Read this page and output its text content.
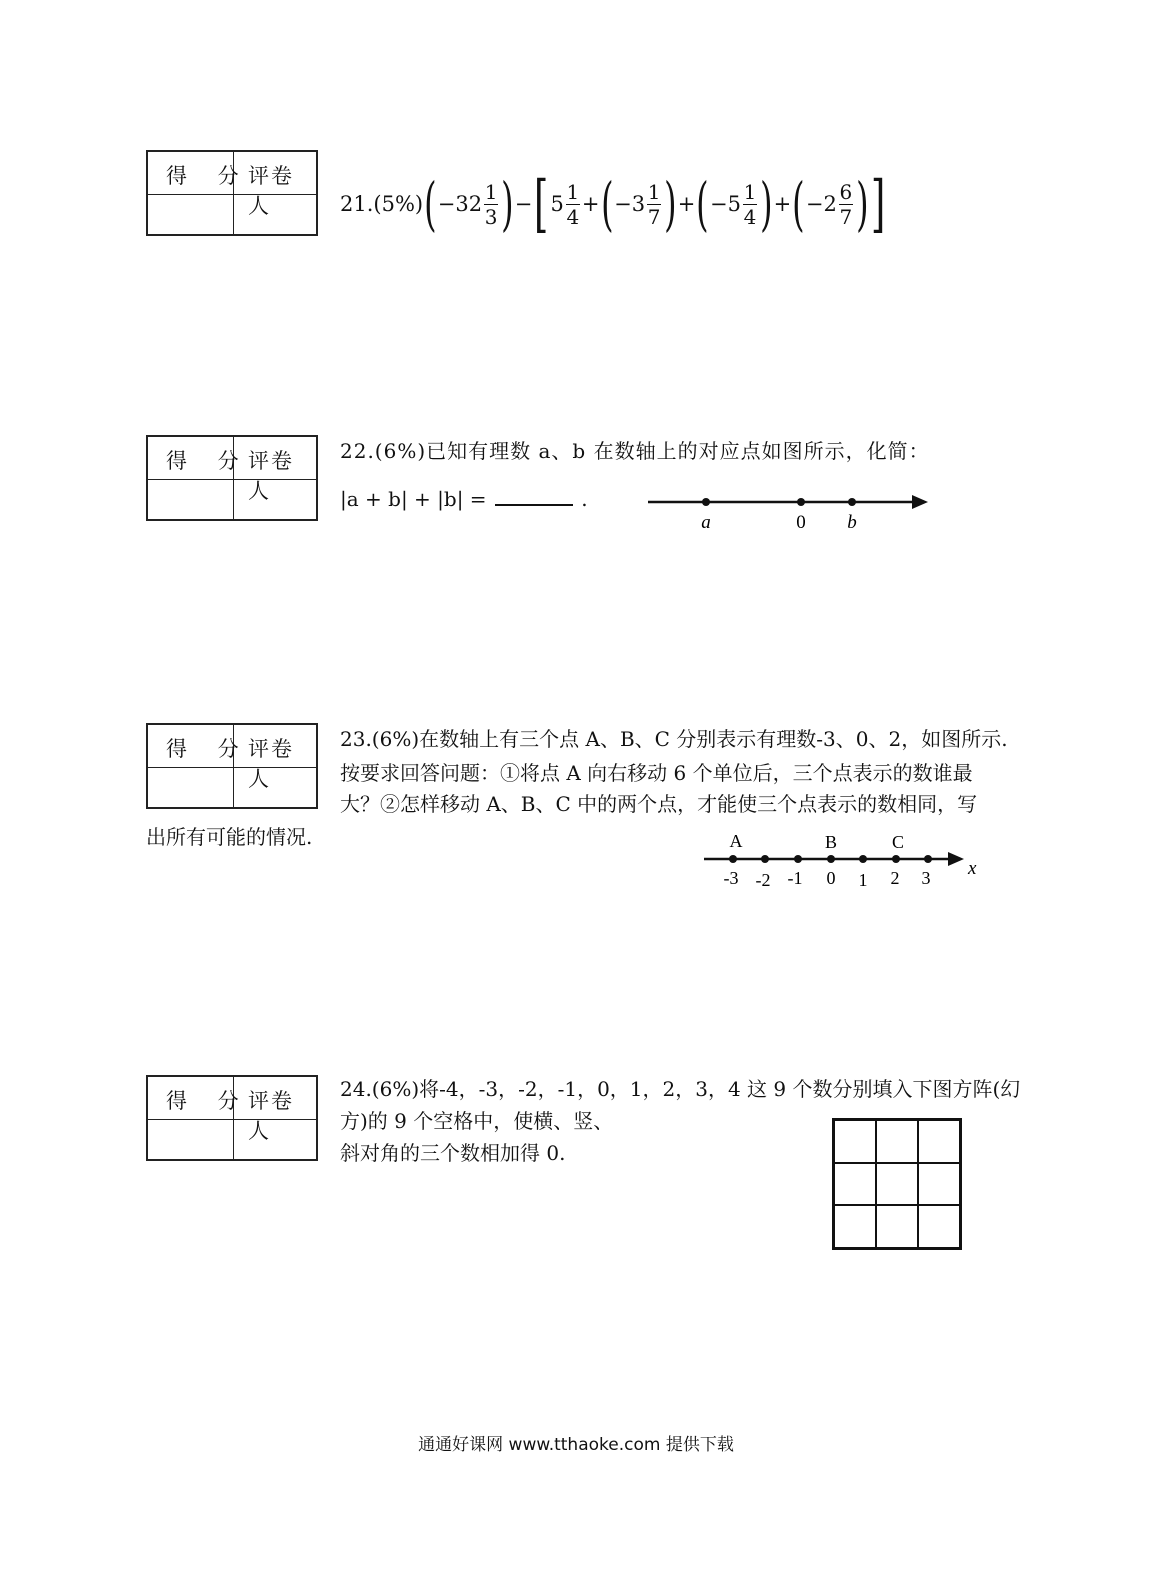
得 分
评卷人	21.(5%) ( $-32 \frac{1}{3}$ ) − [ $5 \frac{1}{4}$ + ( $-3 \frac{1}{7}$ ) + ( $-5 \frac{1}{4}$ ) + ( $-2 \frac{6}{7}$ ) ]
得 分
评卷人
22.(6%)已知有理数 a、b 在数轴上的对应点如图所示，化简：
|a + b| + |b| =	.
a	0 b
得 分
评卷人
23.(6%)在数轴上有三个点 A、B、C 分别表示有理数-3、0、2，如图所示.
按要求回答问题：①将点 A 向右移动 6 个单位后，三个点表示的数谁最
大？②怎样移动 A、B、C 中的两个点，才能使三个点表示的数相同，写
出所有可能的情况.	A	B	C
-3 -2 -1 0 1 2 3 x
得 分
评卷人
24.(6%)将-4，-3，-2，-1，0，1，2，3，4 这 9 个数分别填入下图方阵(幻
方)的 9 个空格中，使横、竖、
斜对角的三个数相加得 0.
通通好课网 www.tthaoke.com 提供下载
